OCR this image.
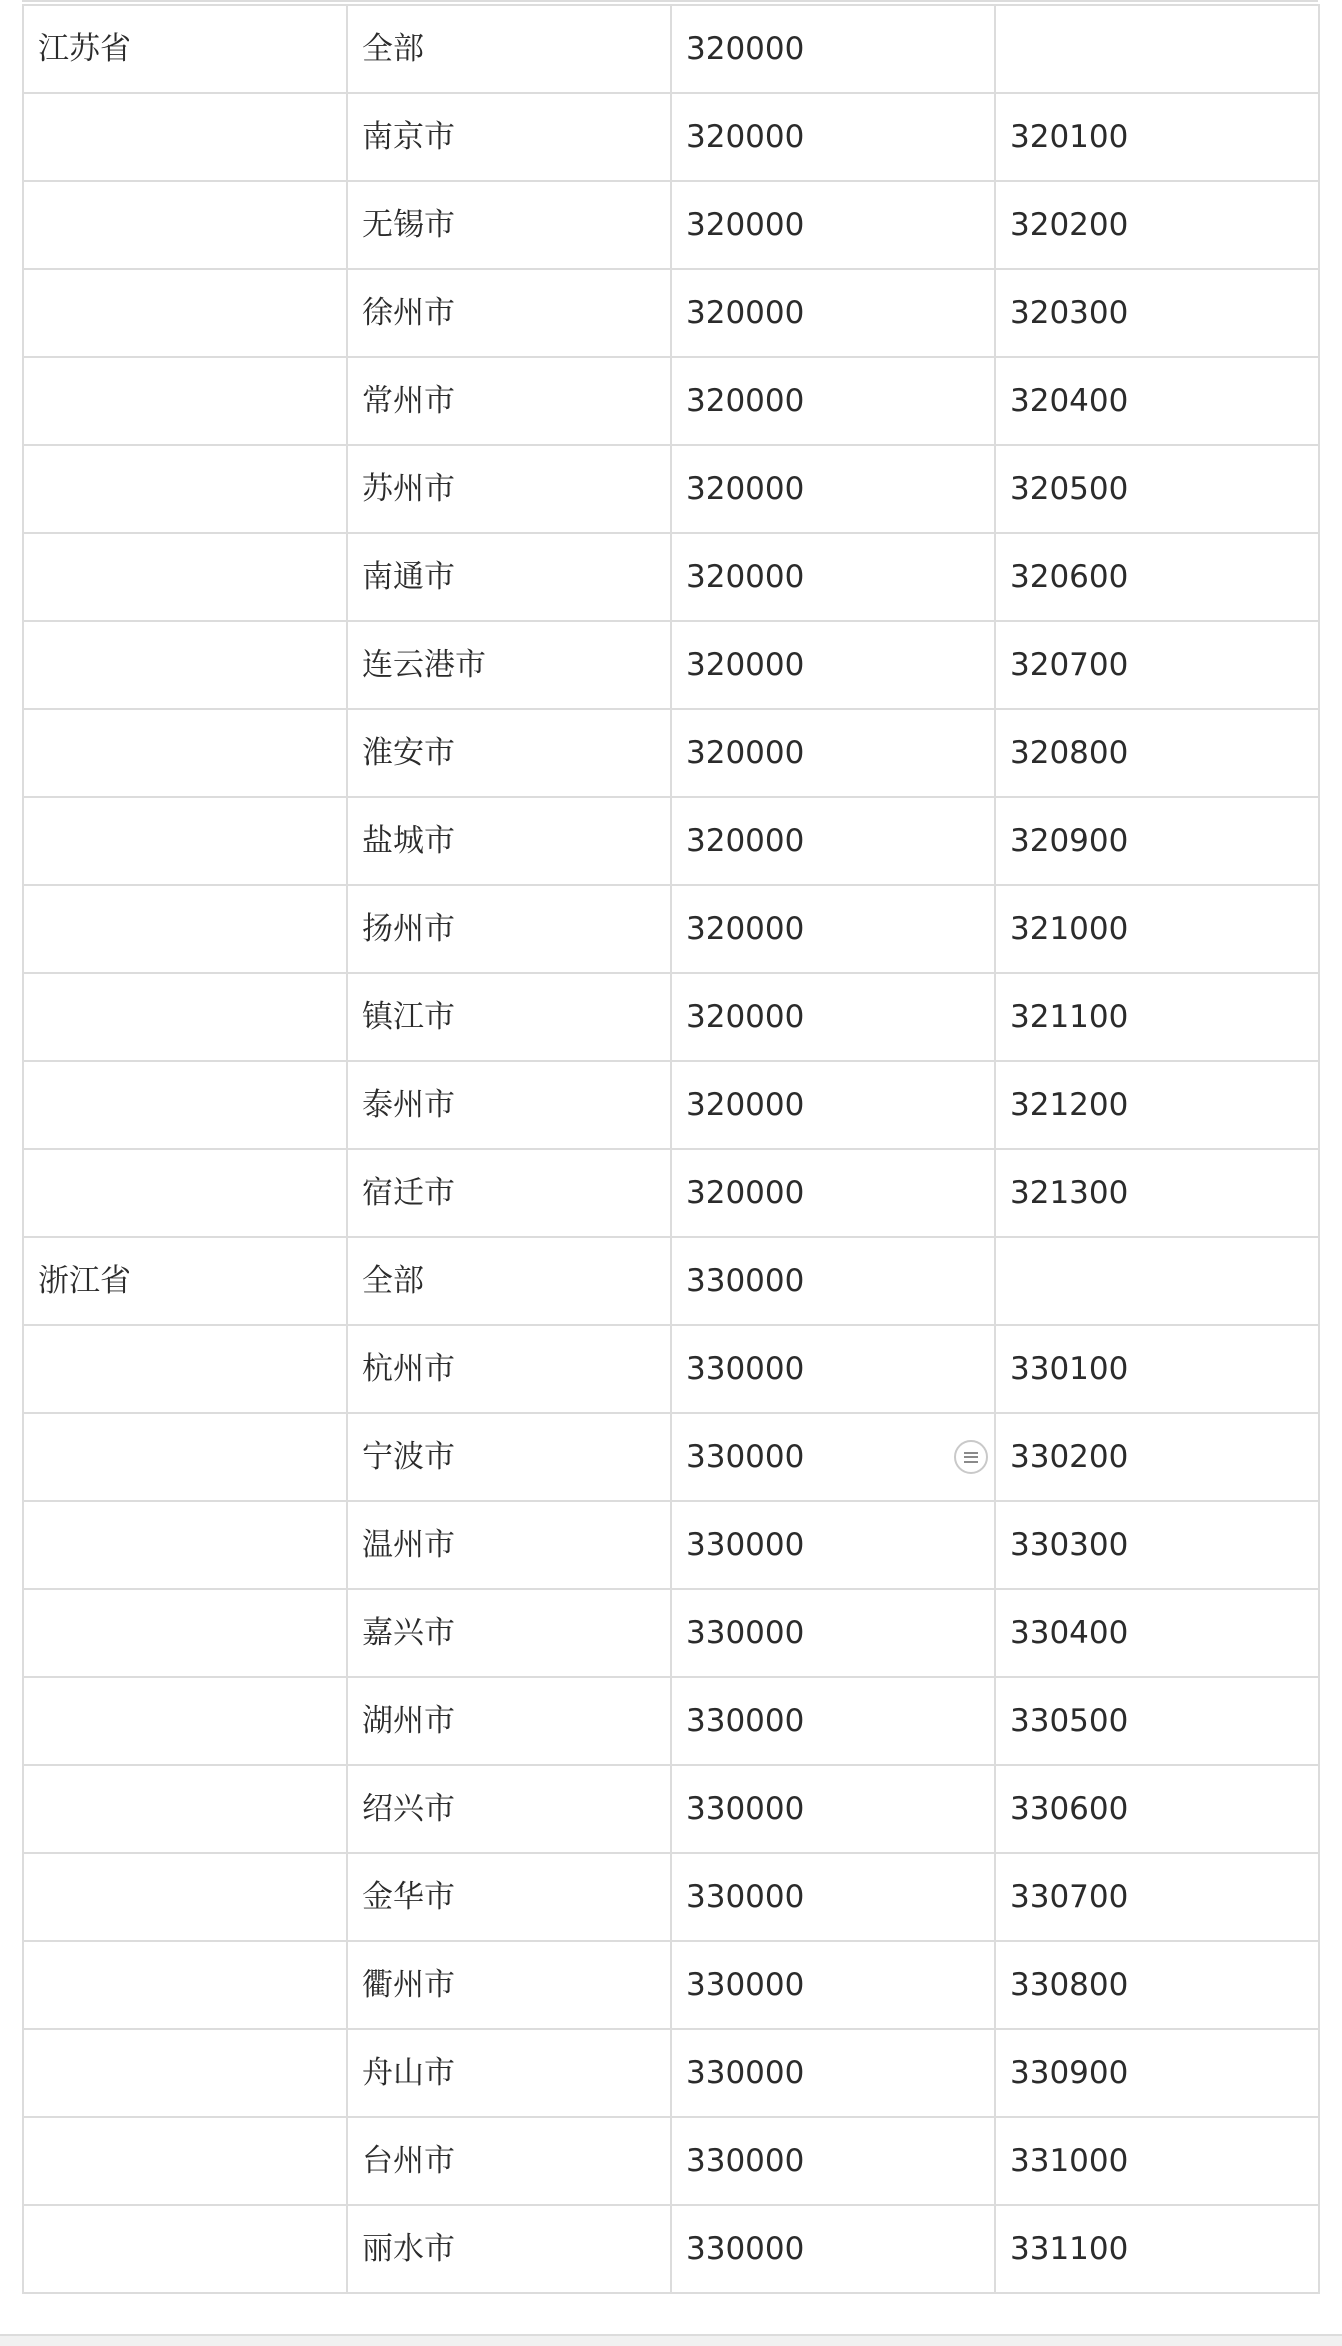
江苏省	全部	320000	
	南京市	320000	320100
	无锡市	320000	320200
	徐州市	320000	320300
	常州市	320000	320400
	苏州市	320000	320500
	南通市	320000	320600
	连云港市	320000	320700
	淮安市	320000	320800
	盐城市	320000	320900
	扬州市	320000	321000
	镇江市	320000	321100
	泰州市	320000	321200
	宿迁市	320000	321300
浙江省	全部	330000	
	杭州市	330000	330100
	宁波市	330000	330200
	温州市	330000	330300
	嘉兴市	330000	330400
	湖州市	330000	330500
	绍兴市	330000	330600
	金华市	330000	330700
	衢州市	330000	330800
	舟山市	330000	330900
	台州市	330000	331000
	丽水市	330000	331100
